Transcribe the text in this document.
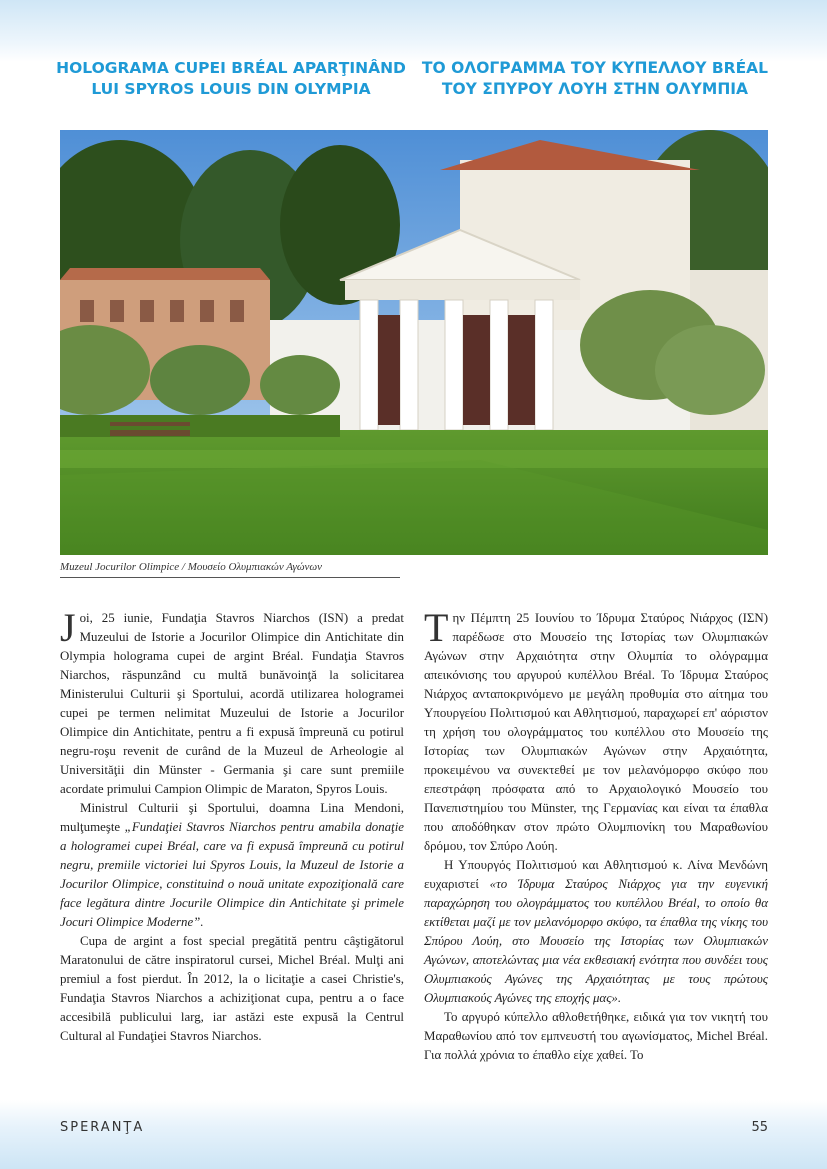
HOLOGRAMA CUPEI BRÉAL APARŢINÂND LUI SPYROS LOUIS DIN OLYMPIA
ΤΟ ΟΛΟΓΡΑΜΜΑ ΤΟΥ ΚΥΠΕΛΛΟΥ BRÉAL ΤΟΥ ΣΠΥΡΟΥ ΛΟΥΗ ΣΤΗΝ ΟΛΥΜΠΙΑ
Muzeul Jocurilor Olimpice / Μουσείο Ολυμπιακών Αγώνων

Joi, 25 iunie, Fundaţia Stavros Niarchos (ISN) a predat Muzeului de Istorie a Jocurilor Olimpice din Antichitate din Olympia holograma cupei de argint Bréal. Fundaţia Stavros Niarchos, răspunzând cu multă bunăvoinţă la solicitarea Ministerului Culturii şi Sportului, acordă utilizarea hologramei cupei pe termen nelimitat Muzeului de Istorie a Jocurilor Olimpice din Antichitate, pentru a fi expusă împreună cu potirul negru-roşu revenit de curând de la Muzeul de Arheologie al Universităţii din Münster - Germania şi care sunt premiile acordate primului Campion Olimpic de Maraton, Spyros Louis.

Ministrul Culturii şi Sportului, doamna Lina Mendoni, mulţumeşte „Fundaţiei Stavros Niarchos pentru amabila donaţie a hologramei cupei Bréal, care va fi expusă împreună cu potirul negru, premiile victoriei lui Spyros Louis, la Muzeul de Istorie a Jocurilor Olimpice, constituind o nouă unitate expoziţională care face legătura dintre Jocurile Olimpice din Antichitate şi primele Jocuri Olimpice Moderne”.

Cupa de argint a fost special pregătită pentru câştigătorul Maratonului de către inspiratorul cursei, Michel Bréal. Mulţi ani premiul a fost pierdut. În 2012, la o licitaţie a casei Christie's, Fundaţia Stavros Niarchos a achiziţionat cupa, pentru a o face accesibilă publicului larg, iar astăzi este expusă la Centrul Cultural al Fundaţiei Stavros Niarchos.

Την Πέμπτη 25 Ιουνίου το Ίδρυμα Σταύρος Νιάρχος (ΙΣΝ) παρέδωσε στο Μουσείο της Ιστορίας των Ολυμπιακών Αγώνων στην Αρχαιότητα στην Ολυμπία το ολόγραμμα απεικόνισης του αργυρού κυπέλλου Bréal. Το Ίδρυμα Σταύρος Νιάρχος ανταποκρινόμενο με μεγάλη προθυμία στο αίτημα του Υπουργείου Πολιτισμού και Αθλητισμού, παραχωρεί επ' αόριστον τη χρήση του ολογράμματος του κυπέλλου στο Μουσείο της Ιστορίας των Ολυμπιακών Αγώνων στην Αρχαιότητα, προκειμένου να συνεκτεθεί με τον μελανόμορφο σκύφο που επεστράφη πρόσφατα από το Αρχαιολογικό Μουσείο του Πανεπιστημίου του Münster, της Γερμανίας και είναι τα έπαθλα που αποδόθηκαν στον πρώτο Ολυμπιονίκη του Μαραθωνίου δρόμου, τον Σπύρο Λούη.

Η Υπουργός Πολιτισμού και Αθλητισμού κ. Λίνα Μενδώνη ευχαριστεί «το Ίδρυμα Σταύρος Νιάρχος για την ευγενική παραχώρηση του ολογράμματος του κυπέλλου Bréal, το οποίο θα εκτίθεται μαζί με τον μελανόμορφο σκύφο, τα έπαθλα της νίκης του Σπύρου Λούη, στο Μουσείο της Ιστορίας των Ολυμπιακών Αγώνων, αποτελώντας μια νέα εκθεσιακή ενότητα που συνδέει τους Ολυμπιακούς Αγώνες της Αρχαιότητας με τους πρώτους Ολυμπιακούς Αγώνες της εποχής μας».

Το αργυρό κύπελλο αθλοθετήθηκε, ειδικά για τον νικητή του Μαραθωνίου από τον εμπνευστή του αγωνίσματος, Michel Bréal. Για πολλά χρόνια το έπαθλο είχε χαθεί. Το

SPERANŢA	55
